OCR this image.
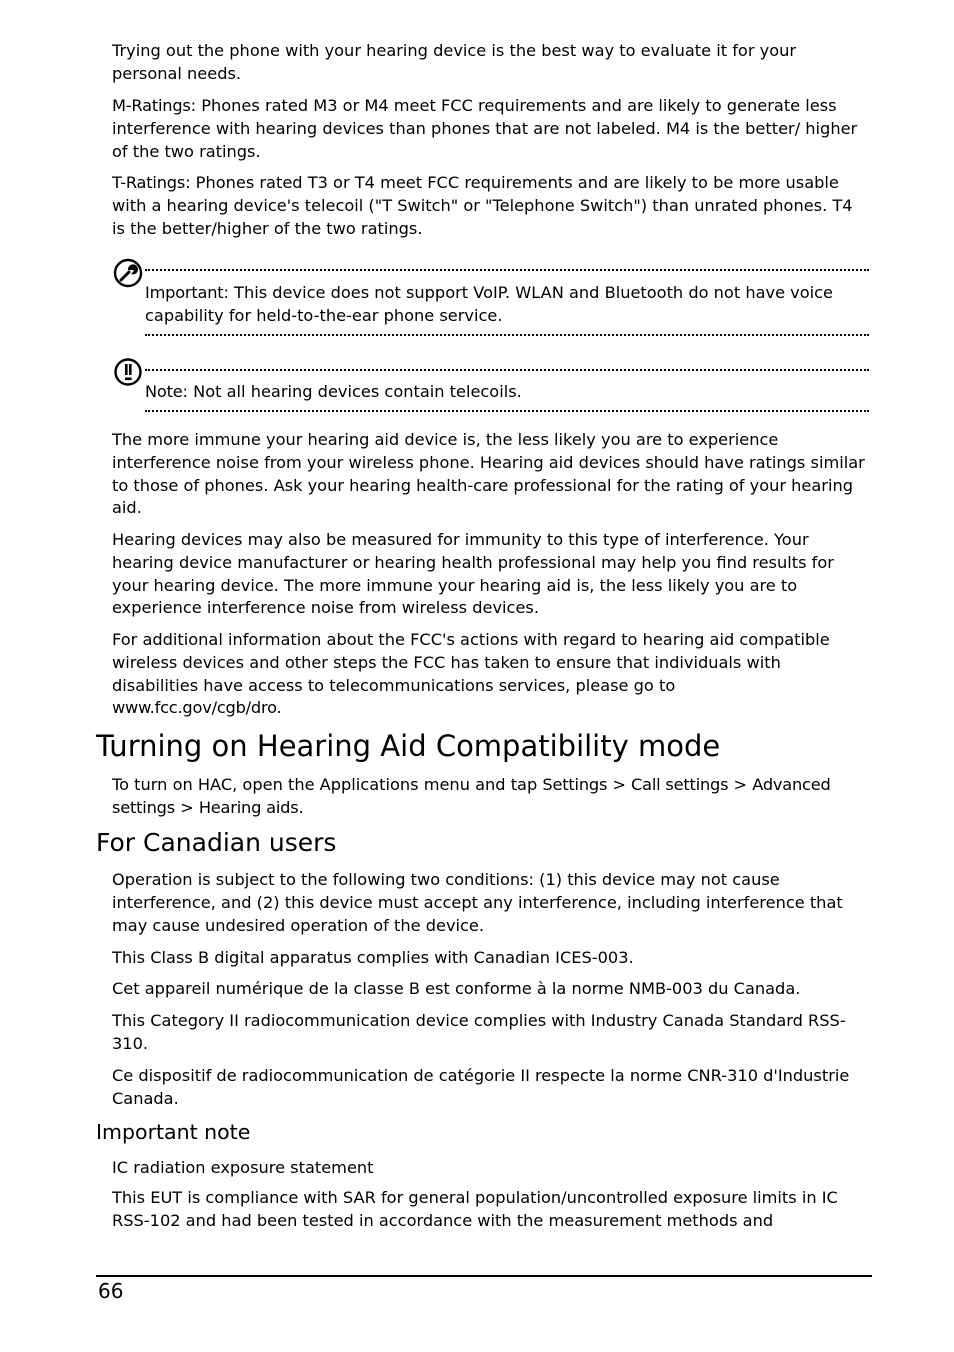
Trying out the phone with your hearing device is the best way to evaluate it for your personal needs.

M-Ratings: Phones rated M3 or M4 meet FCC requirements and are likely to generate less interference with hearing devices than phones that are not labeled. M4 is the better/ higher of the two ratings.

T-Ratings: Phones rated T3 or T4 meet FCC requirements and are likely to be more usable with a hearing device's telecoil ("T Switch" or "Telephone Switch") than unrated phones. T4 is the better/higher of the two ratings.

Important: This device does not support VoIP. WLAN and Bluetooth do not have voice capability for held-to-the-ear phone service.

Note: Not all hearing devices contain telecoils.

The more immune your hearing aid device is, the less likely you are to experience interference noise from your wireless phone. Hearing aid devices should have ratings similar to those of phones. Ask your hearing health-care professional for the rating of your hearing aid.

Hearing devices may also be measured for immunity to this type of interference. Your hearing device manufacturer or hearing health professional may help you find results for your hearing device. The more immune your hearing aid is, the less likely you are to experience interference noise from wireless devices.

For additional information about the FCC's actions with regard to hearing aid compatible wireless devices and other steps the FCC has taken to ensure that individuals with disabilities have access to telecommunications services, please go to
www.fcc.gov/cgb/dro.

Turning on Hearing Aid Compatibility mode

To turn on HAC, open the Applications menu and tap Settings > Call settings > Advanced settings > Hearing aids.

For Canadian users

Operation is subject to the following two conditions: (1) this device may not cause interference, and (2) this device must accept any interference, including interference that may cause undesired operation of the device.

This Class B digital apparatus complies with Canadian ICES-003.

Cet appareil numérique de la classe B est conforme à la norme NMB-003 du Canada.

This Category II radiocommunication device complies with Industry Canada Standard RSS-310.

Ce dispositif de radiocommunication de catégorie II respecte la norme CNR-310 d'Industrie Canada.

Important note
IC radiation exposure statement

This EUT is compliance with SAR for general population/uncontrolled exposure limits in IC RSS-102 and had been tested in accordance with the measurement methods and

66
